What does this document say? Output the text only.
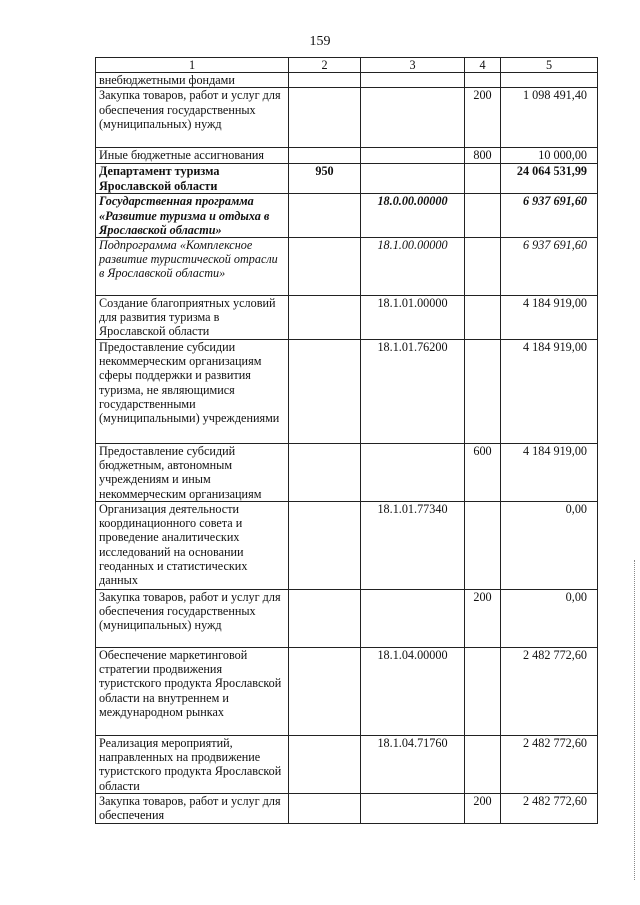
159
1	2	3	4	5
внебюджетными фондами				
Закупка товаров, работ и услуг для обеспечения государственных (муниципальных) нужд			200	1 098 491,40
Иные бюджетные ассигнования			800	10 000,00
Департамент туризма Ярославской области	950			24 064 531,99
Государственная программа «Развитие туризма и отдыха в Ярославской области»		18.0.00.00000		6 937 691,60
Подпрограмма «Комплексное развитие туристической отрасли в Ярославской области»		18.1.00.00000		6 937 691,60
Создание благоприятных условий для развития туризма в Ярославской области		18.1.01.00000		4 184 919,00
Предоставление субсидии некоммерческим организациям сферы поддержки и развития туризма, не являющимися государственными (муниципальными) учреждениями		18.1.01.76200		4 184 919,00
Предоставление субсидий бюджетным, автономным учреждениям и иным некоммерческим организациям			600	4 184 919,00
Организация деятельности координационного совета и проведение аналитических исследований на основании геоданных и статистических данных		18.1.01.77340		0,00
Закупка товаров, работ и услуг для обеспечения государственных (муниципальных) нужд			200	0,00
Обеспечение маркетинговой стратегии продвижения туристского продукта Ярославской области на внутреннем и международном рынках		18.1.04.00000		2 482 772,60
Реализация мероприятий, направленных на продвижение туристского продукта Ярославской области		18.1.04.71760		2 482 772,60
Закупка товаров, работ и услуг для обеспечения			200	2 482 772,60
